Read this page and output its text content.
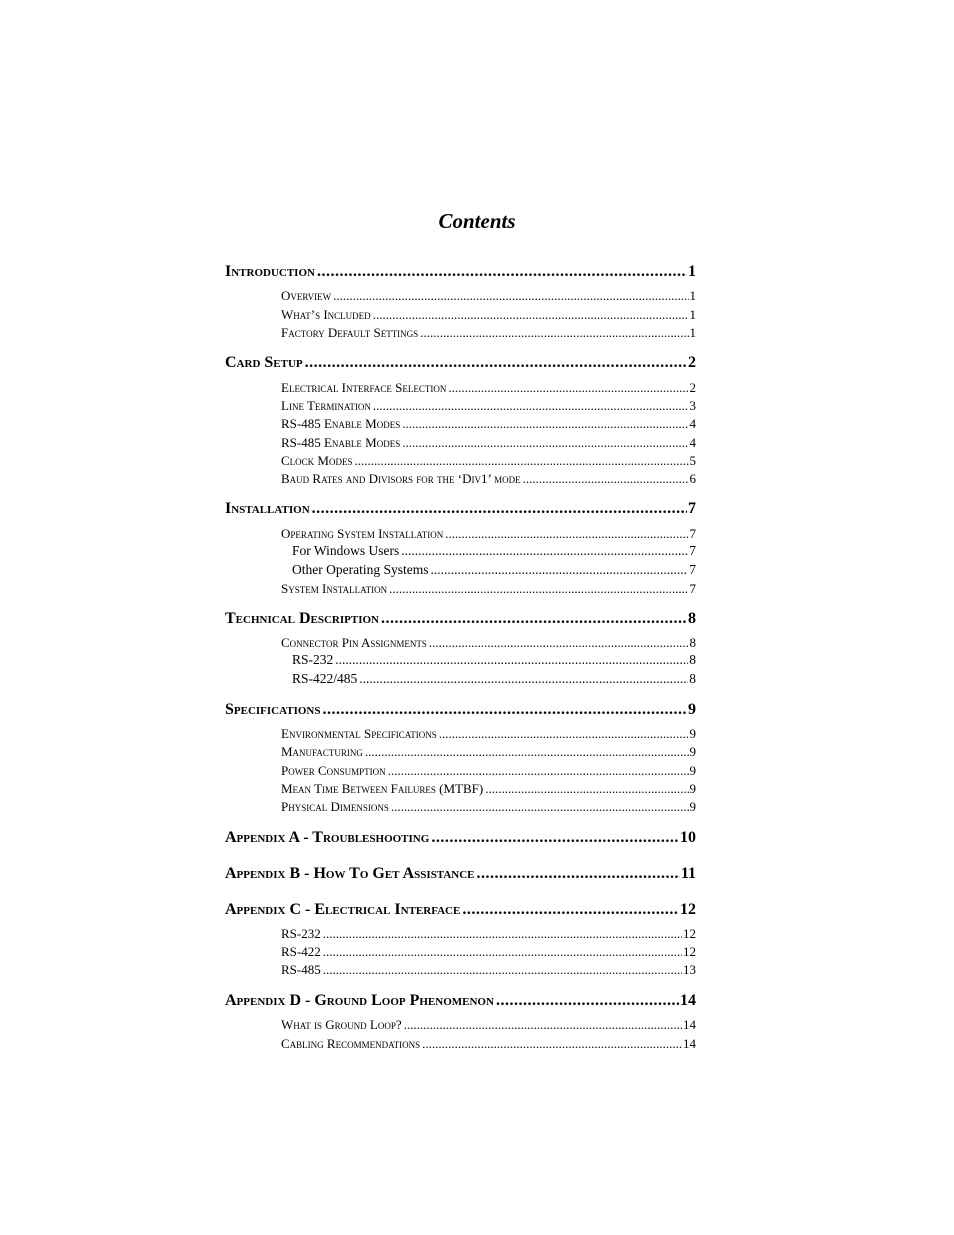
Contents
Introduction .....	1
Overview .....	1
What’s Included .....	1
Factory Default Settings .....	1
Card Setup .....	2
Electrical Interface Selection .....	2
Line Termination .....	3
RS-485 Enable Modes .....	4
RS-485 Enable Modes .....	4
Clock Modes .....	5
Baud Rates and Divisors for the ‘Div1’ mode .....	6
Installation .....	7
Operating System Installation .....	7
For Windows Users .....	7
Other Operating Systems .....	7
System Installation .....	7
Technical Description .....	8
Connector Pin Assignments .....	8
RS-232 .....	8
RS-422/485 .....	8
Specifications .....	9
Environmental Specifications .....	9
Manufacturing .....	9
Power Consumption .....	9
Mean Time Between Failures (MTBF) .....	9
Physical Dimensions .....	9
Appendix A - Troubleshooting .....	10
Appendix B - How To Get Assistance .....	11
Appendix C - Electrical Interface .....	12
RS-232 .....	12
RS-422 .....	12
RS-485 .....	13
Appendix D - Ground Loop Phenomenon .....	14
What is Ground Loop? .....	14
Cabling Recommendations .....	14
